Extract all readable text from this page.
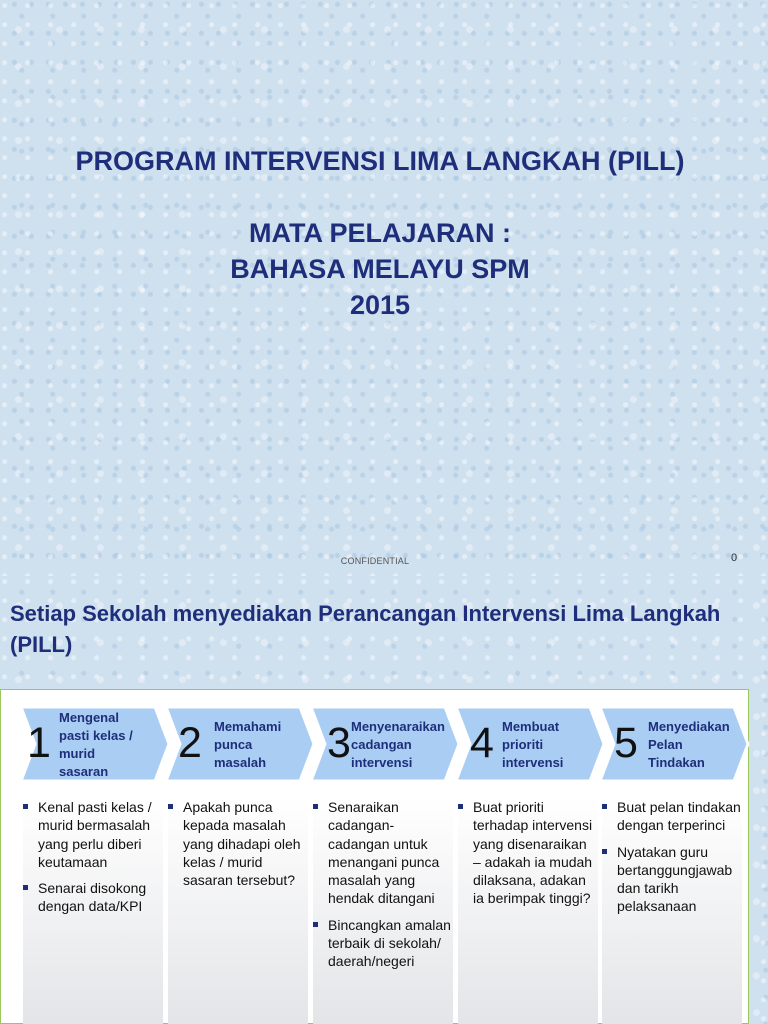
PROGRAM INTERVENSI LIMA LANGKAH (PILL)
MATA PELAJARAN :
BAHASA MELAYU SPM
2015
CONFIDENTIAL	0
Setiap Sekolah menyediakan Perancangan Intervensi Lima Langkah (PILL)
1
Mengenal
pasti kelas /
murid
sasaran
2 Memahami
punca
masalah	3 Menyenaraikan
cadangan
intervensi	4 Membuat
prioriti
intervensi 5 Menyediakan
Pelan
Tindakan
Kenal pasti kelas / murid bermasalah yang perlu diberi keutamaan
Senarai disokong dengan data/KPI
Apakah punca kepada masalah yang dihadapi oleh kelas / murid sasaran tersebut?
Senaraikan cadangan-cadangan untuk menangani punca masalah yang hendak ditangani
Bincangkan amalan terbaik di sekolah/ daerah/negeri
Buat prioriti terhadap intervensi yang disenaraikan – adakah ia mudah dilaksana, adakan ia berimpak tinggi?
Buat pelan tindakan dengan terperinci
Nyatakan guru bertanggungjawab dan tarikh pelaksanaan
